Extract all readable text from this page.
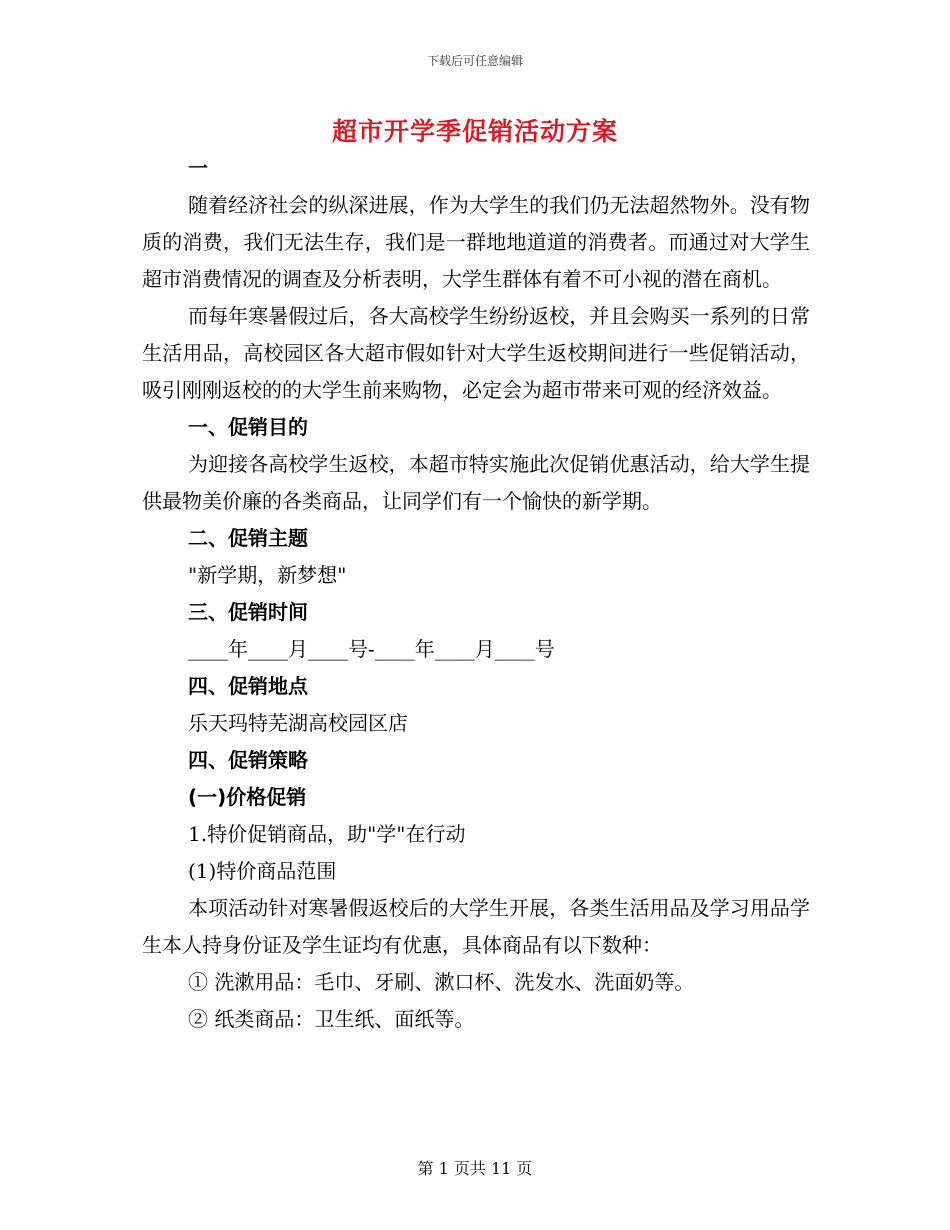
下载后可任意编辑
超市开学季促销活动方案

一

随着经济社会的纵深进展，作为大学生的我们仍无法超然物外。没有物质的消费，我们无法生存，我们是一群地地道道的消费者。而通过对大学生超市消费情况的调查及分析表明，大学生群体有着不可小视的潜在商机。

而每年寒暑假过后，各大高校学生纷纷返校，并且会购买一系列的日常生活用品，高校园区各大超市假如针对大学生返校期间进行一些促销活动，吸引刚刚返校的的大学生前来购物，必定会为超市带来可观的经济效益。

一、促销目的

为迎接各高校学生返校，本超市特实施此次促销优惠活动，给大学生提供最物美价廉的各类商品，让同学们有一个愉快的新学期。

二、促销主题

"新学期，新梦想"

三、促销时间

____年____月____号-____年____月____号

四、促销地点

乐天玛特芜湖高校园区店

四、促销策略

(一)价格促销

1.特价促销商品，助"学"在行动

(1)特价商品范围

本项活动针对寒暑假返校后的大学生开展，各类生活用品及学习用品学生本人持身份证及学生证均有优惠，具体商品有以下数种：

① 洗漱用品：毛巾、牙刷、漱口杯、洗发水、洗面奶等。

② 纸类商品：卫生纸、面纸等。

第 1 页共 11 页
